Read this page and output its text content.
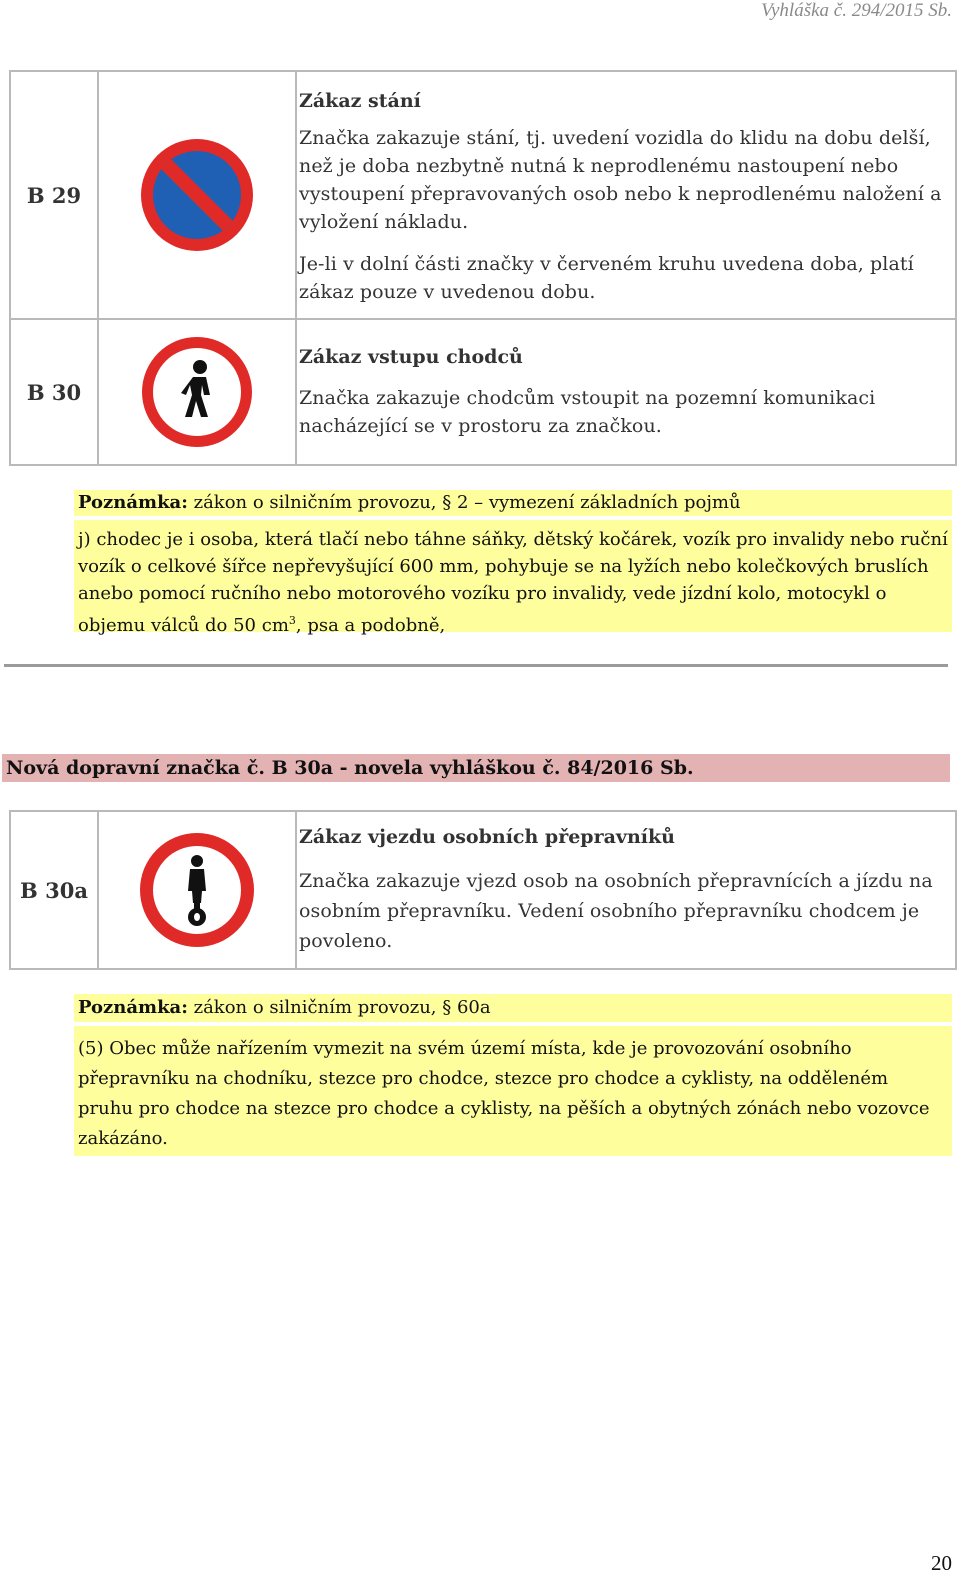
Vyhláška č. 294/2015 Sb.
B 29
Zákaz stání
Značka zakazuje stání, tj. uvedení vozidla do klidu na dobu delší, než je doba nezbytně nutná k neprodlenému nastoupení nebo vystoupení přepravovaných osob nebo k neprodlenému naložení a vyložení nákladu.
Je-li v dolní části značky v červeném kruhu uvedena doba, platí zákaz pouze v uvedenou dobu.
B 30
Zákaz vstupu chodců
Značka zakazuje chodcům vstoupit na pozemní komunikaci nacházející se v prostoru za značkou.
Poznámka: zákon o silničním provozu, § 2 – vymezení základních pojmů
j) chodec je i osoba, která tlačí nebo táhne sáňky, dětský kočárek, vozík pro invalidy nebo ruční vozík o celkové šířce nepřevyšující 600 mm, pohybuje se na lyžích nebo kolečkových bruslích anebo pomocí ručního nebo motorového vozíku pro invalidy, vede jízdní kolo, motocykl o objemu válců do 50 $cm^3$, psa a podobně,
Nová dopravní značka č. B 30a - novela vyhláškou č. 84/2016 Sb.
B 30a
Zákaz vjezdu osobních přepravníků
Značka zakazuje vjezd osob na osobních přepravnících a jízdu na osobním přepravníku. Vedení osobního přepravníku chodcem je povoleno.
Poznámka: zákon o silničním provozu, § 60a
(5) Obec může nařízením vymezit na svém území místa, kde je provozování osobního přepravníku na chodníku, stezce pro chodce, stezce pro chodce a cyklisty, na odděleném pruhu pro chodce na stezce pro chodce a cyklisty, na pěších a obytných zónách nebo vozovce zakázáno.
20
